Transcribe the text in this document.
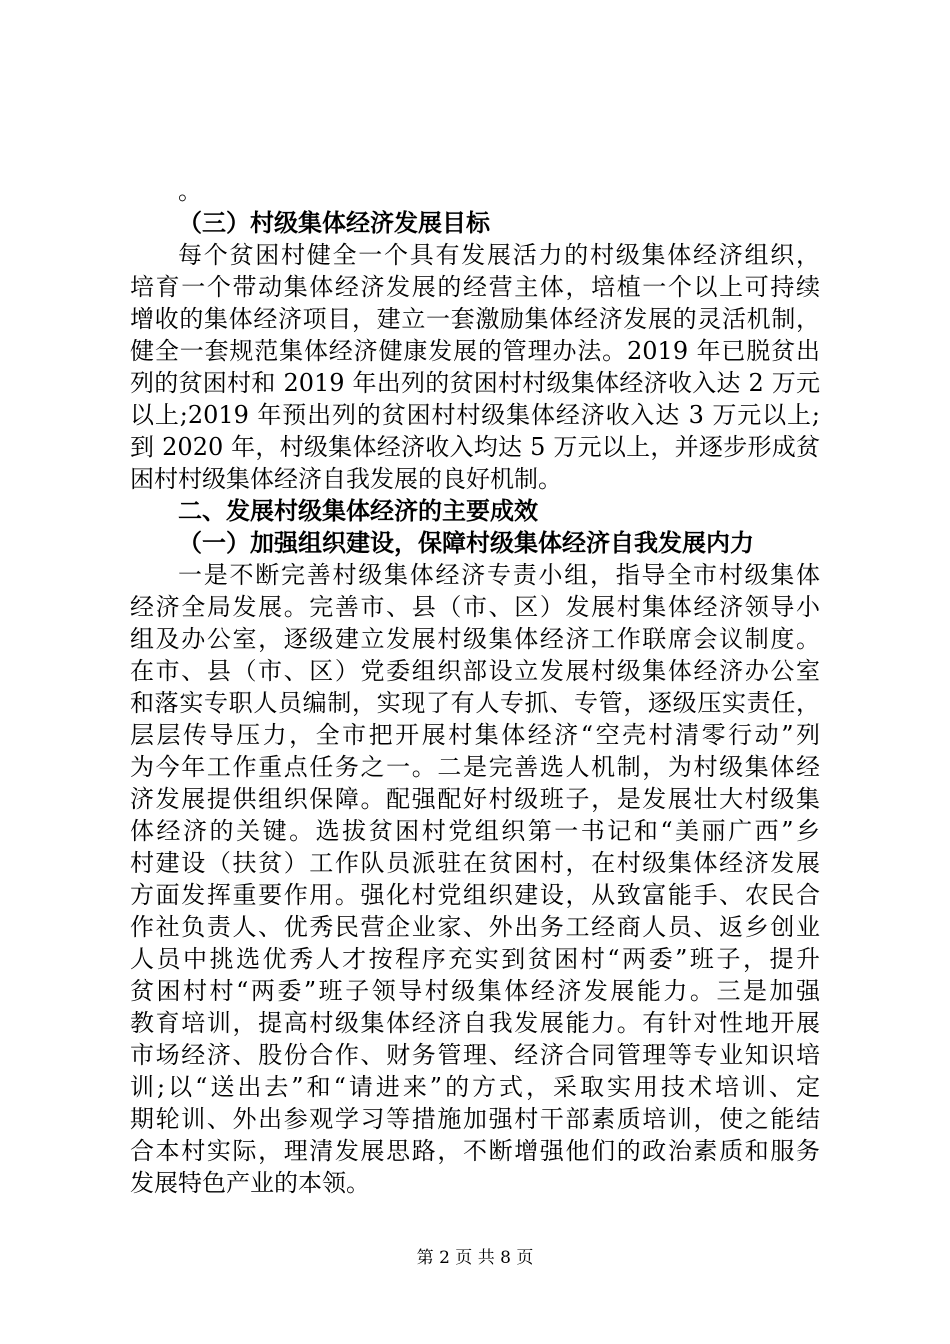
。
（三）村级集体经济发展目标
每个贫困村健全一个具有发展活力的村级集体经济组织，
培育一个带动集体经济发展的经营主体，培植一个以上可持续
增收的集体经济项目，建立一套激励集体经济发展的灵活机制，
健全一套规范集体经济健康发展的管理办法。2019 年已脱贫出
列的贫困村和 2019 年出列的贫困村村级集体经济收入达 2 万元
以上;2019 年预出列的贫困村村级集体经济收入达 3 万元以上;
到 2020 年，村级集体经济收入均达 5 万元以上，并逐步形成贫
困村村级集体经济自我发展的良好机制。
二、发展村级集体经济的主要成效
（一）加强组织建设，保障村级集体经济自我发展内力
一是不断完善村级集体经济专责小组，指导全市村级集体
经济全局发展。完善市、县（市、区）发展村集体经济领导小
组及办公室，逐级建立发展村级集体经济工作联席会议制度。
在市、县（市、区）党委组织部设立发展村级集体经济办公室
和落实专职人员编制，实现了有人专抓、专管，逐级压实责任，
层层传导压力，全市把开展村集体经济“空壳村清零行动”列
为今年工作重点任务之一。二是完善选人机制，为村级集体经
济发展提供组织保障。配强配好村级班子，是发展壮大村级集
体经济的关键。选拔贫困村党组织第一书记和“美丽广西”乡
村建设（扶贫）工作队员派驻在贫困村，在村级集体经济发展
方面发挥重要作用。强化村党组织建设，从致富能手、农民合
作社负责人、优秀民营企业家、外出务工经商人员、返乡创业
人员中挑选优秀人才按程序充实到贫困村“两委”班子，提升
贫困村村“两委”班子领导村级集体经济发展能力。三是加强
教育培训，提高村级集体经济自我发展能力。有针对性地开展
市场经济、股份合作、财务管理、经济合同管理等专业知识培
训;以“送出去”和“请进来”的方式，采取实用技术培训、定
期轮训、外出参观学习等措施加强村干部素质培训，使之能结
合本村实际，理清发展思路，不断增强他们的政治素质和服务
发展特色产业的本领。
第 2 页 共 8 页
